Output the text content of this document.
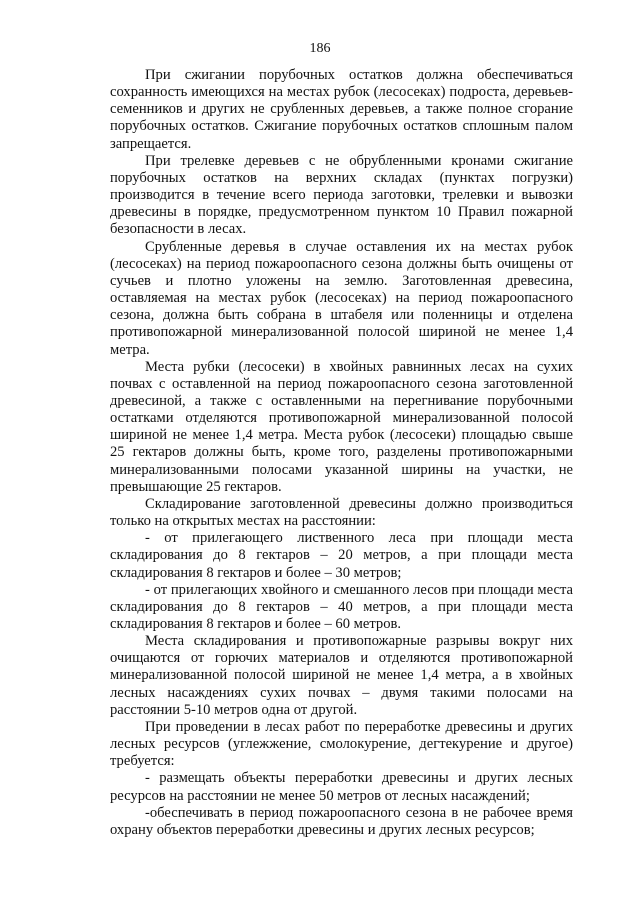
186

При сжигании порубочных остатков должна обеспечиваться сохранность имеющихся на местах рубок (лесосеках) подроста, деревьев-семенников и других не срубленных деревьев, а также полное сгорание порубочных остатков. Сжигание порубочных остатков сплошным палом запрещается.

При трелевке деревьев с не обрубленными кронами сжигание порубочных остатков на верхних складах (пунктах погрузки) производится в течение всего периода заготовки, трелевки и вывозки древесины в порядке, предусмотренном пунктом 10 Правил пожарной безопасности в лесах.

Срубленные деревья в случае оставления их на местах рубок (лесосеках) на период пожароопасного сезона должны быть очищены от сучьев и плотно уложены на землю. Заготовленная древесина, оставляемая на местах рубок (лесосеках) на период пожароопасного сезона, должна быть собрана в штабеля или поленницы и отделена противопожарной минерализованной полосой шириной не менее 1,4 метра.

Места рубки (лесосеки) в хвойных равнинных лесах на сухих почвах с оставленной на период пожароопасного сезона заготовленной древесиной, а также с оставленными на перегнивание порубочными остатками отделяются противопожарной минерализованной полосой шириной не менее 1,4 метра. Места рубок (лесосеки) площадью свыше 25 гектаров должны быть, кроме того, разделены противопожарными минерализованными полосами указанной ширины на участки, не превышающие 25 гектаров.

Складирование заготовленной древесины должно производиться только на открытых местах на расстоянии:

- от прилегающего лиственного леса при площади места складирования до 8 гектаров – 20 метров, а при площади места складирования 8 гектаров и более – 30 метров;

- от прилегающих хвойного и смешанного лесов при площади места складирования до 8 гектаров – 40 метров, а при площади места складирования 8 гектаров и более – 60 метров.

Места складирования и противопожарные разрывы вокруг них очищаются от горючих материалов и отделяются противопожарной минерализованной полосой шириной не менее 1,4 метра, а в хвойных лесных насаждениях сухих почвах – двумя такими полосами на расстоянии 5-10 метров одна от другой.

При проведении в лесах работ по переработке древесины и других лесных ресурсов (углежжение, смолокурение, дегтекурение и другое) требуется:

- размещать объекты переработки древесины и других лесных ресурсов на расстоянии не менее 50 метров от лесных насаждений;

-обеспечивать в период пожароопасного сезона в не рабочее время охрану объектов переработки древесины и других лесных ресурсов;
